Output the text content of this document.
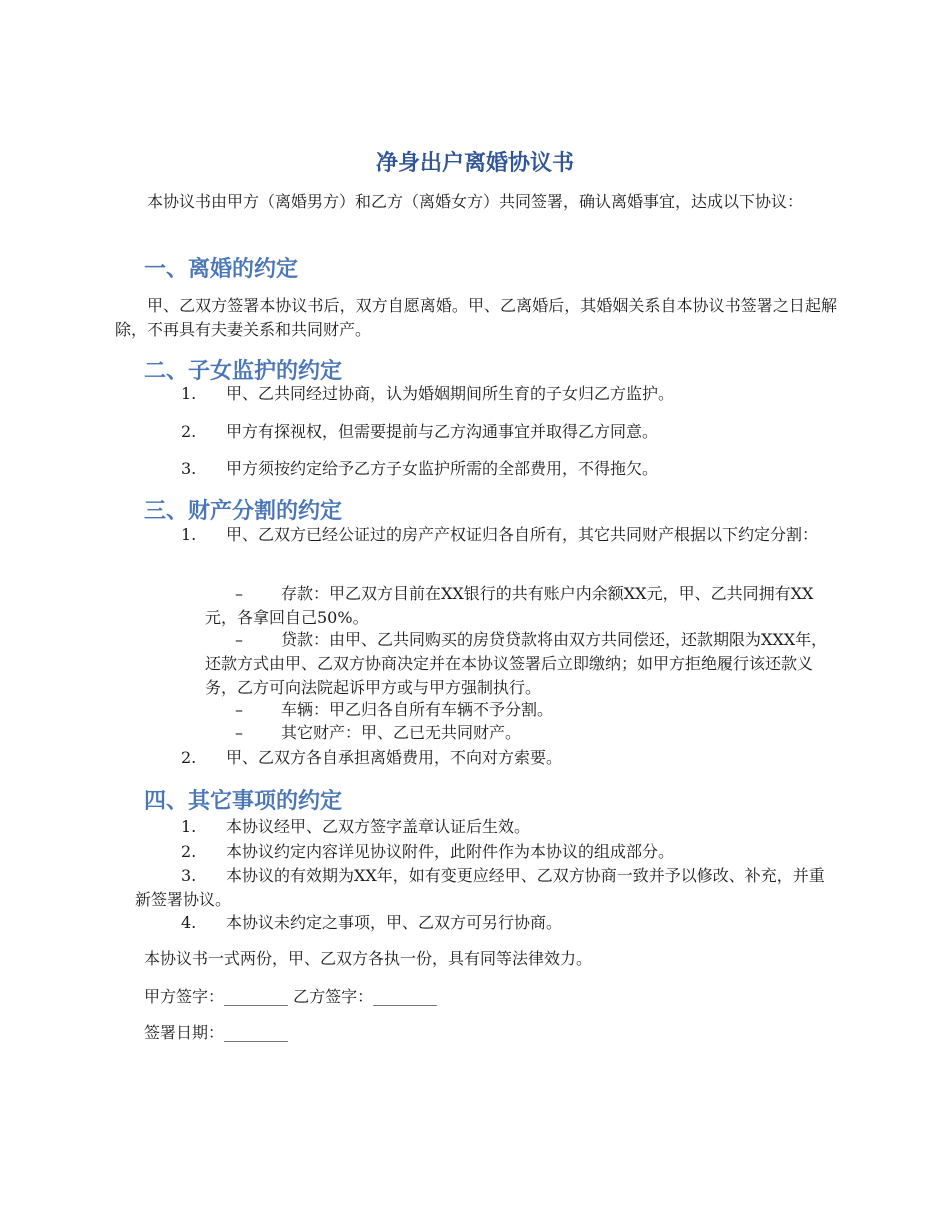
净身出户离婚协议书
本协议书由甲方（离婚男方）和乙方（离婚女方）共同签署，确认离婚事宜，达成以下协议：
一、离婚的约定
甲、乙双方签署本协议书后，双方自愿离婚。甲、乙离婚后，其婚姻关系自本协议书签署之日起解除，不再具有夫妻关系和共同财产。
二、子女监护的约定
1.	甲、乙共同经过协商，认为婚姻期间所生育的子女归乙方监护。
2.	甲方有探视权，但需要提前与乙方沟通事宜并取得乙方同意。
3.	甲方须按约定给予乙方子女监护所需的全部费用，不得拖欠。
三、财产分割的约定
1.	甲、乙双方已经公证过的房产产权证归各自所有，其它共同财产根据以下约定分割：
–	存款：甲乙双方目前在XX银行的共有账户内余额XX元，甲、乙共同拥有XX元，各拿回自己50%。
–	贷款：由甲、乙共同购买的房贷贷款将由双方共同偿还，还款期限为XXX年，还款方式由甲、乙双方协商决定并在本协议签署后立即缴纳；如甲方拒绝履行该还款义务，乙方可向法院起诉甲方或与甲方强制执行。
–	车辆：甲乙归各自所有车辆不予分割。
–	其它财产：甲、乙已无共同财产。
2.	甲、乙双方各自承担离婚费用，不向对方索要。
四、其它事项的约定
1.	本协议经甲、乙双方签字盖章认证后生效。
2.	本协议约定内容详见协议附件，此附件作为本协议的组成部分。
3.	本协议的有效期为XX年，如有变更应经甲、乙双方协商一致并予以修改、补充，并重新签署协议。
4.	本协议未约定之事项，甲、乙双方可另行协商。
本协议书一式两份，甲、乙双方各执一份，具有同等法律效力。
甲方签字：________ 乙方签字：________
签署日期：________
